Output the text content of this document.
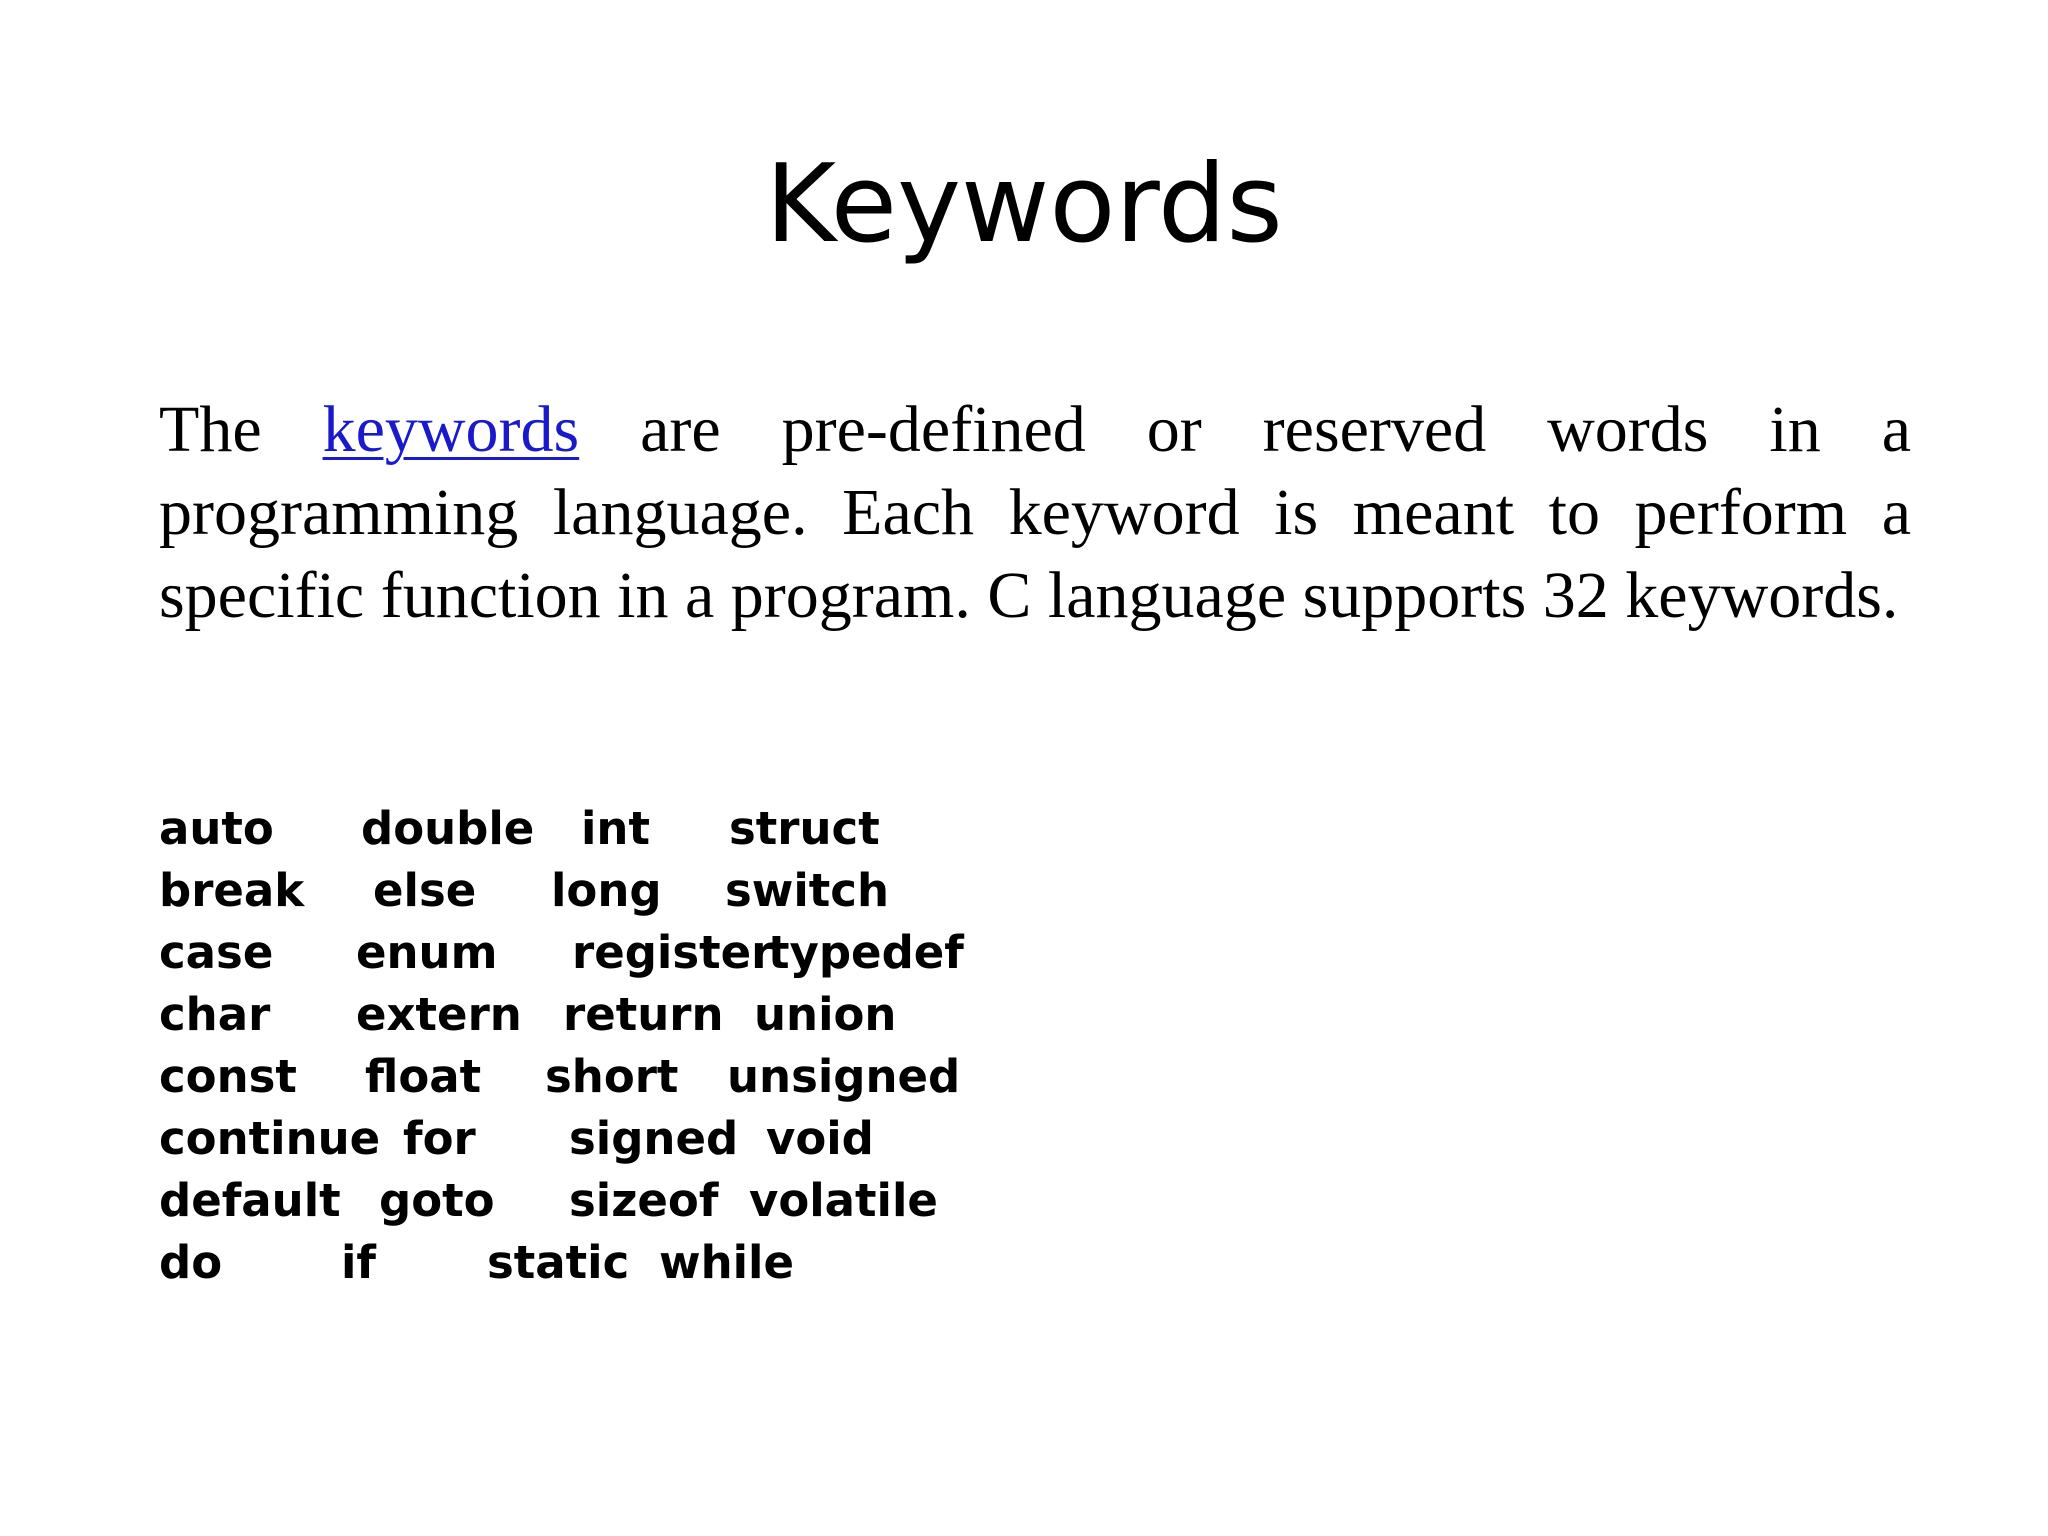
Keywords
The keywords are pre-defined or reserved words in a programming language. Each keyword is meant to perform a specific function in a program. C language supports 32 keywords.
auto double int struct
break else long switch
case enum register
typedef
char extern return union
const float short unsigned
continue for signed void
default goto sizeof volatile
do	if static while
